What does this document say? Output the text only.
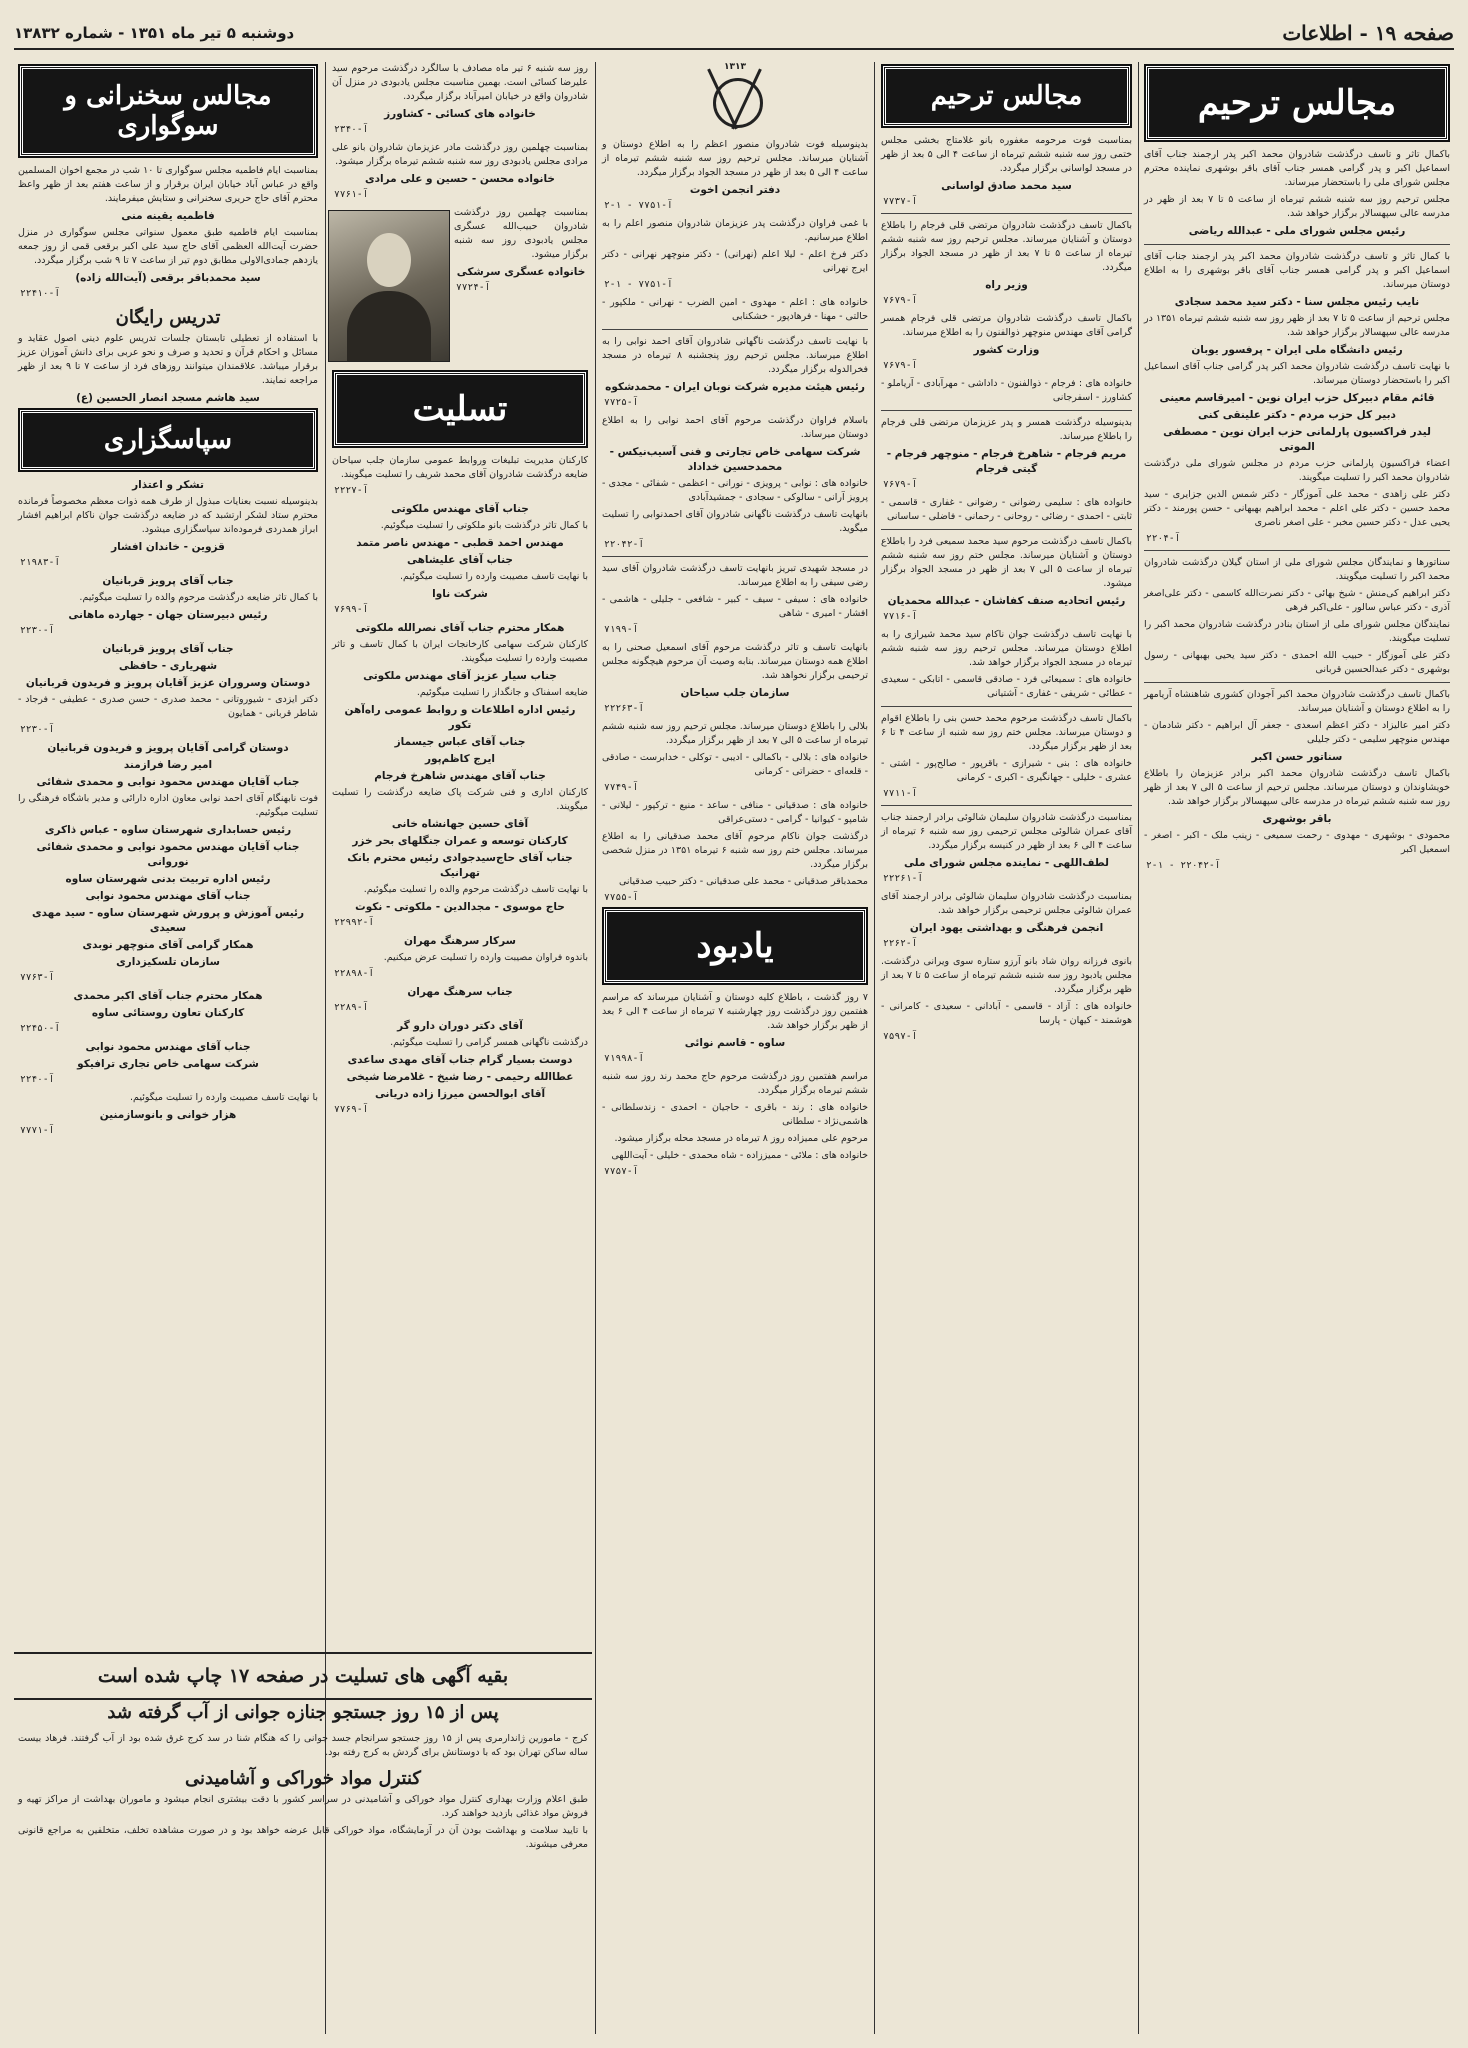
صفحه ۱۹ - اطلاعات
دوشنبه ۵ تیر ماه ۱۳۵۱ - شماره ۱۳۸۳۲
مجالس ترحیم

باکمال تاثر و تاسف درگذشت شادروان محمد اکبر پدر ارجمند جناب آقای اسماعیل اکبر و پدر گرامی همسر جناب آقای باقر بوشهری نماینده محترم مجلس شورای ملی را باستحضار میرساند.

مجلس ترحیم روز سه شنبه ششم تیرماه از ساعت ۵ تا ۷ بعد از ظهر در مدرسه عالی سپهسالار برگزار خواهد شد.

رئیس مجلس شورای ملی - عبدالله ریاضی

با کمال تاثر و تاسف درگذشت شادروان محمد اکبر پدر ارجمند جناب آقای اسماعیل اکبر و پدر گرامی همسر جناب آقای باقر بوشهری را به اطلاع دوستان میرساند.

نایب رئیس مجلس سنا - دکتر سید محمد سجادی

مجلس ترحیم از ساعت ۵ تا ۷ بعد از ظهر روز سه شنبه ششم تیرماه ۱۳۵۱ در مدرسه عالی سپهسالار برگزار خواهد شد.

رئیس دانشگاه ملی ایران - پرفسور یوبان

با نهایت تاسف درگذشت شادروان محمد اکبر پدر گرامی جناب آقای اسماعیل اکبر را باستحضار دوستان میرساند.

قائم مقام دبیرکل حزب ایران نوین - امیرقاسم معینی
دبیر کل حزب مردم - دکتر علینقی کنی
لیدر فراکسیون پارلمانی حزب ایران نوین - مصطفی الموتی

اعضاء فراکسیون پارلمانی حزب مردم در مجلس شورای ملی درگذشت شادروان محمد اکبر را تسلیت میگویند.

دکتر علی زاهدی - محمد علی آموزگار - دکتر شمس الدین جزایری - سید محمد حسین - دکتر علی اعلم - محمد ابراهیم بهبهانی - حسن پورمند - دکتر یحیی عدل - دکتر حسین مخبر - علی اصغر ناصری

آ-۲۲۰۴

سناتورها و نمایندگان مجلس شورای ملی از استان گیلان درگذشت شادروان محمد اکبر را تسلیت میگویند.

دکتر ابراهیم کی‌منش - شیخ بهائی - دکتر نصرت‌الله کاسمی - دکتر علی‌اصغر آذری - دکتر عباس سالور - علی‌اکبر فرهی

نمایندگان مجلس شورای ملی از استان بنادر درگذشت شادروان محمد اکبر را تسلیت میگویند.

دکتر علی آموزگار - حبیب الله احمدی - دکتر سید یحیی بهبهانی - رسول بوشهری - دکتر عبدالحسین قربانی

باکمال تاسف درگذشت شادروان محمد اکبر آجودان کشوری شاهنشاه آریامهر را به اطلاع دوستان و آشنایان میرساند.

دکتر امیر عالیزاد - دکتر اعظم اسعدی - جعفر آل ابراهیم - دکتر شادمان - مهندس منوچهر سلیمی - دکتر جلیلی

سناتور حسن اکبر

باکمال تاسف درگذشت شادروان محمد اکبر برادر عزیزمان را باطلاع خویشاوندان و دوستان میرساند. مجلس ترحیم از ساعت ۵ الی ۷ بعد از ظهر روز سه شنبه ششم تیرماه در مدرسه عالی سپهسالار برگزار خواهد شد.

باقر بوشهری

محمودی - بوشهری - مهدوی - رحمت سمیعی - زینب ملک - اکبر - اصغر - اسمعیل اکبر

آ-۲۲۰۴۲ - ۱-۲
مجالس ترحیم

بمناسبت فوت مرحومه مغفوره بانو غلامتاج بخشی مجلس ختمی روز سه شنبه ششم تیرماه از ساعت ۴ الی ۵ بعد از ظهر در مسجد لواسانی برگزار میگردد.

سید محمد صادق لواسانی
آ-۷۷۳۷

باکمال تاسف درگذشت شادروان مرتضی قلی فرجام را باطلاع دوستان و آشنایان میرساند. مجلس ترحیم روز سه شنبه ششم تیرماه از ساعت ۵ تا ۷ بعد از ظهر در مسجد الجواد برگزار میگردد.

وزیر راه
آ-۷۶۷۹

باکمال تاسف درگذشت شادروان مرتضی قلی فرجام همسر گرامی آقای مهندس منوچهر ذوالفنون را به اطلاع میرساند.

وزارت کشور
آ-۷۶۷۹

خانواده های : فرجام - ذوالفنون - داداشی - مهرآبادی - آریاملو - کشاورز - اسفرجانی

بدینوسیله درگذشت همسر و پدر عزیزمان مرتضی قلی فرجام را باطلاع میرساند.

مریم فرجام - شاهرخ فرجام - منوچهر فرجام - گیتی فرجام
آ-۷۶۷۹

خانواده های : سلیمی رضوانی - رضوانی - غفاری - قاسمی - ثابتی - احمدی - رضائی - روحانی - رحمانی - فاضلی - ساسانی

باکمال تاسف درگذشت مرحوم سید محمد سمیعی فرد را باطلاع دوستان و آشنایان میرساند. مجلس ختم روز سه شنبه ششم تیرماه از ساعت ۵ الی ۷ بعد از ظهر در مسجد الجواد برگزار میشود.

رئیس اتحادیه صنف کفاشان - عبدالله محمدیان
آ-۷۷۱۶

با نهایت تاسف درگذشت جوان ناکام سید محمد شیرازی را به اطلاع دوستان میرساند. مجلس ترحیم روز سه شنبه ششم تیرماه در مسجد الجواد برگزار خواهد شد.

خانواده های : سمیعائی فرد - صادقی قاسمی - اتابکی - سعیدی - عطائی - شریفی - غفاری - آشتیانی

باکمال تاسف درگذشت مرحوم محمد حسن بنی را باطلاع اقوام و دوستان میرساند. مجلس ختم روز سه شنبه از ساعت ۴ تا ۶ بعد از ظهر برگزار میگردد.

خانواده های : بنی - شیرازی - باقرپور - صالح‌پور - اشتی - عشری - خلیلی - جهانگیری - اکبری - کرمانی

آ-۷۷۱۱

بمناسبت درگذشت شادروان سلیمان شالوئی برادر ارجمند جناب آقای عمران شالوئی مجلس ترحیمی روز سه شنبه ۶ تیرماه از ساعت ۴ الی ۶ بعد از ظهر در کنیسه برگزار میگردد.

لطف‌اللهی - نماینده مجلس شورای ملی
آ-۲۲۲۶۱

بمناسبت درگذشت شادروان سلیمان شالوئی برادر ارجمند آقای عمران شالوئی مجلس ترحیمی برگزار خواهد شد.

انجمن فرهنگی و بهداشتی یهود ایران
آ-۲۲۶۲

بانوی فرزانه روان شاد بانو آرزو ستاره سوی ویرانی درگذشت. مجلس یادبود روز سه شنبه ششم تیرماه از ساعت ۵ تا ۷ بعد از ظهر برگزار میگردد.

خانواده های : آزاد - قاسمی - آبادانی - سعیدی - کامرانی - هوشمند - کیهان - پارسا

آ-۷۵۹۷
۱۳۱۳

بدینوسیله فوت شادروان منصور اعظم را به اطلاع دوستان و آشنایان میرساند. مجلس ترحیم روز سه شنبه ششم تیرماه از ساعت ۴ الی ۵ بعد از ظهر در مسجد الجواد برگزار میگردد.

دفتر انجمن اخوت
آ-۷۷۵۱ - ۱-۲

با غمی فراوان درگذشت پدر عزیزمان شادروان منصور اعلم را به اطلاع میرسانیم.

دکتر فرخ اعلم - لیلا اعلم (نهرانی) - دکتر منوچهر نهرانی - دکتر ایرج نهرانی

آ-۷۷۵۱ - ۱-۲

خانواده های : اعلم - مهدوی - امین الضرب - نهرانی - ملکپور - حالتی - مهنا - فرهادپور - خشکنابی

با نهایت تاسف درگذشت ناگهانی شادروان آقای احمد نوابی را به اطلاع میرساند. مجلس ترحیم روز پنجشنبه ۸ تیرماه در مسجد فخرالدوله برگزار میگردد.

رئیس هیئت مدیره شرکت نوبان ایران - محمدشکوه
آ-۷۷۲۵

باسلام فراوان درگذشت مرحوم آقای احمد نوابی را به اطلاع دوستان میرساند.

شرکت سهامی خاص تجارتی و فنی آسیب‌نیکس - محمدحسین خداداد

خانواده های : نوابی - پرویزی - نورانی - اعظمی - شفائی - مجدی - پرویز آرانی - سالوکی - سجادی - جمشیدآبادی

بانهایت تاسف درگذشت ناگهانی شادروان آقای احمدنوابی را تسلیت میگوید.

آ-۲۲۰۴۲

در مسجد شهیدی تبریز بانهایت تاسف درگذشت شادروان آقای سید رضی سیفی را به اطلاع میرساند.

خانواده های : سیفی - سیف - کبیر - شافعی - جلیلی - هاشمی - افشار - امیری - شاهی

آ-۷۱۹۹

بانهایت تاسف و تاثر درگذشت مرحوم آقای اسمعیل صحنی را به اطلاع همه دوستان میرساند. بنابه وصیت آن مرحوم هیچگونه مجلس ترحیمی برگزار نخواهد شد.

سازمان جلب سیاحان
آ-۲۲۲۶۳

بلالی را باطلاع دوستان میرساند. مجلس ترحیم روز سه شنبه ششم تیرماه از ساعت ۵ الی ۷ بعد از ظهر برگزار میگردد.

خانواده های : بلالی - باکمالی - ادیبی - توکلی - خدابرست - صادقی - قلعه‌ای - حضراتی - کرمانی

آ-۷۷۴۹

خانواده های : صدقیانی - منافی - ساعد - منیع - ترکپور - لیلانی - شامپو - کیوانیا - گرامی - دستی‌عراقی

درگذشت جوان ناکام مرحوم آقای محمد صدقیانی را به اطلاع میرساند. مجلس ختم روز سه شنبه ۶ تیرماه ۱۳۵۱ در منزل شخصی برگزار میگردد.

محمدباقر صدقیانی - محمد علی صدقیانی - دکتر حبیب صدقیانی

آ-۷۷۵۵
یادبود

۷ روز گذشت ، باطلاع کلیه دوستان و آشنایان میرساند که مراسم هفتمین روز درگذشت روز چهارشنبه ۷ تیرماه از ساعت ۴ الی ۶ بعد از ظهر برگزار خواهد شد.

ساوه - قاسم نوائی
آ-۷۱۹۹۸

مراسم هفتمین روز درگذشت مرحوم حاج محمد رند روز سه شنبه ششم تیرماه برگزار میگردد.

خانواده های : رند - باقری - حاجیان - احمدی - زندسلطانی - هاشمی‌نژاد - سلطانی

مرحوم علی ممیزاده روز ۸ تیرماه در مسجد محله برگزار میشود.

خانواده های : ملائی - ممیززاده - شاه محمدی - خلیلی - آیت‌اللهی

آ-۷۷۵۷

روز سه شنبه ۶ تیر ماه مصادف با سالگرد درگذشت مرحوم سید علیرضا کسائی است. بهمین مناسبت مجلس یادبودی در منزل آن شادروان واقع در خیابان امیرآباد برگزار میگردد.

خانواده های کسائی - کشاورز
آ-۲۳۴۰

بمناسبت چهلمین روز درگذشت مادر عزیزمان شادروان بانو علی مرادی مجلس یادبودی روز سه شنبه ششم تیرماه برگزار میشود.

خانواده محسن - حسین و علی مرادی
آ-۷۷۶۱

بمناسبت چهلمین روز درگذشت شادروان حبیب‌الله عسگری مجلس یادبودی روز سه شنبه برگزار میشود.

خانواده عسگری سرشکی
آ-۷۷۲۴
تسلیت

کارکنان مدیریت تبلیغات وروابط عمومی سازمان جلب سیاحان ضایعه درگذشت شادروان آقای محمد شریف را تسلیت میگویند.

آ-۲۲۲۷
جناب آقای مهندس ملکوتی

با کمال تاثر درگذشت بانو ملکوتی را تسلیت میگوئیم.

مهندس احمد قطبی - مهندس ناصر متمد
جناب آقای علیشاهی

با نهایت تاسف مصیبت وارده را تسلیت میگوئیم.

شرکت ناوا
آ-۷۶۹۹
همکار محترم جناب آقای نصرالله ملکوتی

کارکنان شرکت سهامی کارخانجات ایران با کمال تاسف و تاثر مصیبت وارده را تسلیت میگویند.

جناب سیار عزیز آقای مهندس ملکوتی

ضایعه اسفناک و جانگداز را تسلیت میگوئیم.

رئیس اداره اطلاعات و روابط عمومی راه‌آهن تکور
جناب آقای عباس جیسماز
ایرج کاظم‌پور
جناب آقای مهندس شاهرخ فرجام

کارکنان اداری و فنی شرکت پاک ضایعه درگذشت را تسلیت میگویند.

آقای حسین جهانشاه خانی
کارکنان توسعه و عمران جنگلهای بحر خزر
جناب آقای حاج‌سید‌جوادی رئیس محترم بانک تهرانیک

با نهایت تاسف درگذشت مرحوم والده را تسلیت میگوئیم.

حاج موسوی - مجدالدین - ملکوتی - نکوت
آ-۲۲۹۹۲
سرکار سرهنگ مهران

باندوه فراوان مصیبت وارده را تسلیت عرض میکنیم.

آ-۲۲۸۹۸
جناب سرهنگ مهران
آ-۲۲۸۹
آقای دکتر دوران دارو گر

درگذشت ناگهانی همسر گرامی را تسلیت میگوئیم.

دوست بسیار گرام جناب آقای مهدی ساعدی
عطاالله رحیمی - رضا شیخ - غلامرضا شیخی
آقای ابوالحسن میرزا زاده دریانی
آ-۷۷۶۹
مجالس سخنرانی و سوگواری

بمناسبت ایام فاطمیه مجلس سوگواری تا ۱۰ شب در مجمع اخوان المسلمین واقع در عباس آباد خیابان ایران برقرار و از ساعت هفتم بعد از ظهر واعظ محترم آقای حاج حریری سخنرانی و ستایش میفرمایند.

فاطمیه یقینه منی

بمناسبت ایام فاطمیه طبق معمول سنواتی مجلس سوگواری در منزل حضرت آیت‌الله العظمی آقای حاج سید علی اکبر برقعی قمی از روز جمعه یازدهم جمادی‌الاولی مطابق دوم تیر از ساعت ۷ تا ۹ شب برگزار میگردد.

سید محمدباقر برقعی (آیت‌الله زاده)
آ-۲۲۴۱۰
تدریس رایگان

با استفاده از تعطیلی تابستان جلسات تدریس علوم دینی اصول عقاید و مسائل و احکام قرآن و تحدید و صرف و نحو عربی برای دانش آموزان عزیز برقرار میباشد. علاقمندان میتوانند روزهای فرد از ساعت ۷ تا ۹ بعد از ظهر مراجعه نمایند.

سید هاشم مسجد انصار الحسین (ع)
سپاسگزاری
تشکر و اعتذار

بدینوسیله نسبت بعنایات مبذول از طرف همه ذوات معظم مخصوصاً فرمانده محترم ستاد لشکر ارتشبد که در ضایعه درگذشت جوان ناکام ابراهیم افشار ابراز همدردی فرموده‌اند سپاسگزاری میشود.

قزوین - خاندان افشار
آ-۲۱۹۸۳
جناب آقای پرویز قربانیان

با کمال تاثر ضایعه درگذشت مرحوم والده را تسلیت میگوئیم.

رئیس دبیرستان جهان - جهارده ماهانی
آ-۲۲۳۰
جناب آقای پرویز قربانیان
شهریاری - حافظی
دوستان وسروران عزیز آقایان پرویز و فریدون قربانیان

دکتر ایزدی - شیوروتانی - محمد صدری - حسن صدری - عطیفی - فرجاد - شاطر قربانی - همایون

آ-۲۲۳۰
دوستان گرامی آقایان پرویز و فریدون قربانیان
امیر رضا فرازمند
جناب آقایان مهندس محمود نوابی و محمدی شفائی

فوت نابهنگام آقای احمد نوابی معاون اداره دارائی و مدیر باشگاه فرهنگی را تسلیت میگوئیم.

رئیس حسابداری شهرستان ساوه - عباس ذاکری
جناب آقایان مهندس محمود نوابی و محمدی شفائی نوروانی
رئیس اداره تربیت بدنی شهرستان ساوه
جناب آقای مهندس محمود نوابی
رئیس آموزش و پرورش شهرستان ساوه - سید مهدی سعیدی
همکار گرامی آقای منوچهر نوبدی
سازمان تلسکیزداری
آ-۷۷۶۳
همکار محترم جناب آقای اکبر محمدی
کارکنان تعاون روستائی ساوه
آ-۲۲۴۵۰
جناب آقای مهندس محمود نوابی
شرکت سهامی خاص تجاری ترافیکو
آ-۲۲۴۰

با نهایت تاسف مصیبت وارده را تسلیت میگوئیم.

هزار خوانی و بانوسازمنین
آ-۷۷۷۱
بقیه آگهی های تسلیت در صفحه ۱۷ چاپ شده است
پس از ۱۵ روز جستجو جنازه جوانی از آب گرفته شد

کرج - مامورین ژاندارمری پس از ۱۵ روز جستجو سرانجام جسد جوانی را که هنگام شنا در سد کرج غرق شده بود از آب گرفتند. فرهاد بیست ساله ساکن تهران بود که با دوستانش برای گردش به کرج رفته بود.

کنترل مواد خوراکی و آشامیدنی

طبق اعلام وزارت بهداری کنترل مواد خوراکی و آشامیدنی در سراسر کشور با دقت بیشتری انجام میشود و ماموران بهداشت از مراکز تهیه و فروش مواد غذائی بازدید خواهند کرد.

با تایید سلامت و بهداشت بودن آن در آزمایشگاه، مواد خوراکی قابل عرضه خواهد بود و در صورت مشاهده تخلف، متخلفین به مراجع قانونی معرفی میشوند.
